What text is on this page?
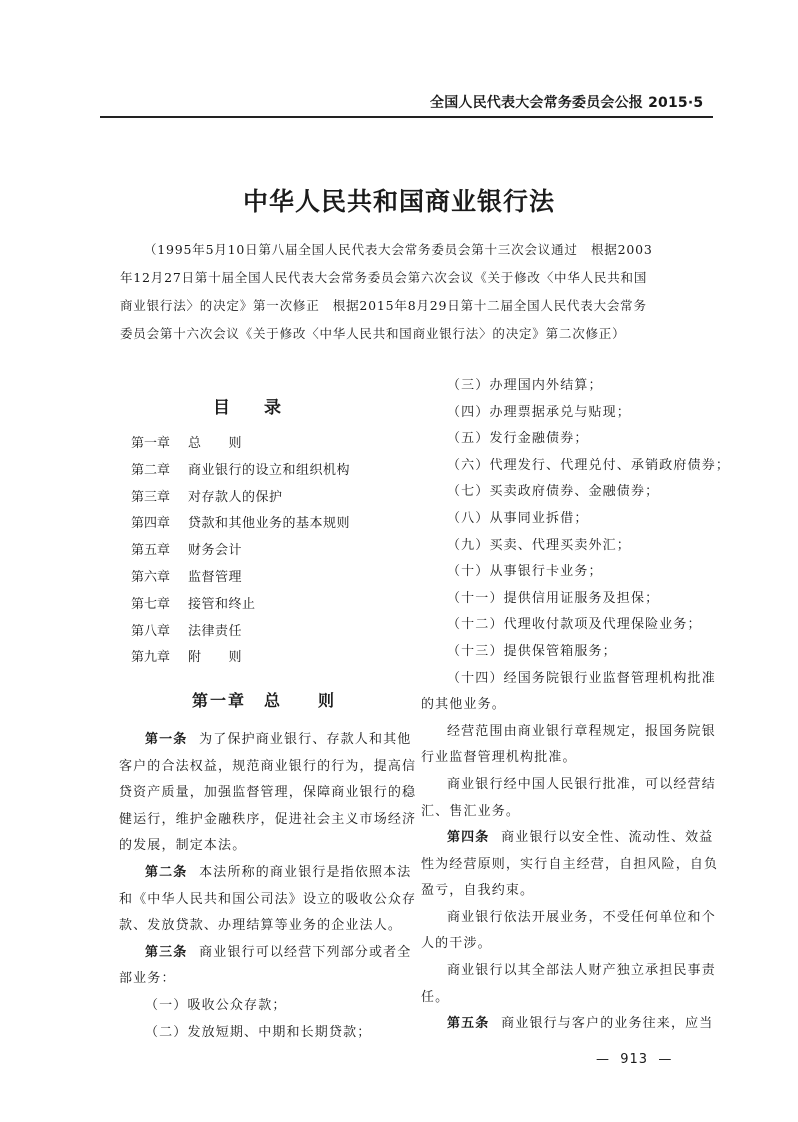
全国人民代表大会常务委员会公报 2015·5
中华人民共和国商业银行法
（1995年5月10日第八届全国人民代表大会常务委员会第十三次会议通过　根据2003
年12月27日第十届全国人民代表大会常务委员会第六次会议《关于修改〈中华人民共和国
商业银行法〉的决定》第一次修正　根据2015年8月29日第十二届全国人民代表大会常务
委员会第十六次会议《关于修改〈中华人民共和国商业银行法〉的决定》第二次修正）
目录
第一章 总　　则
第二章 商业银行的设立和组织机构
第三章 对存款人的保护
第四章 贷款和其他业务的基本规则
第五章 财务会计
第六章 监督管理
第七章 接管和终止
第八章 法律责任
第九章 附　　则
第一章　总　　则
第一条 为了保护商业银行、存款人和其他
客户的合法权益，规范商业银行的行为，提高信
贷资产质量，加强监督管理，保障商业银行的稳
健运行，维护金融秩序，促进社会主义市场经济
的发展，制定本法。
第二条 本法所称的商业银行是指依照本法
和《中华人民共和国公司法》设立的吸收公众存
款、发放贷款、办理结算等业务的企业法人。
第三条 商业银行可以经营下列部分或者全
部业务：
（一）吸收公众存款；
（二）发放短期、中期和长期贷款；
（三）办理国内外结算；
（四）办理票据承兑与贴现；
（五）发行金融债券；
（六）代理发行、代理兑付、承销政府债券；
（七）买卖政府债券、金融债券；
（八）从事同业拆借；
（九）买卖、代理买卖外汇；
（十）从事银行卡业务；
（十一）提供信用证服务及担保；
（十二）代理收付款项及代理保险业务；
（十三）提供保管箱服务；
（十四）经国务院银行业监督管理机构批准
的其他业务。
经营范围由商业银行章程规定，报国务院银
行业监督管理机构批准。
商业银行经中国人民银行批准，可以经营结
汇、售汇业务。
第四条 商业银行以安全性、流动性、效益
性为经营原则，实行自主经营，自担风险，自负
盈亏，自我约束。
商业银行依法开展业务，不受任何单位和个
人的干涉。
商业银行以其全部法人财产独立承担民事责
任。
第五条 商业银行与客户的业务往来，应当
—  913  —
